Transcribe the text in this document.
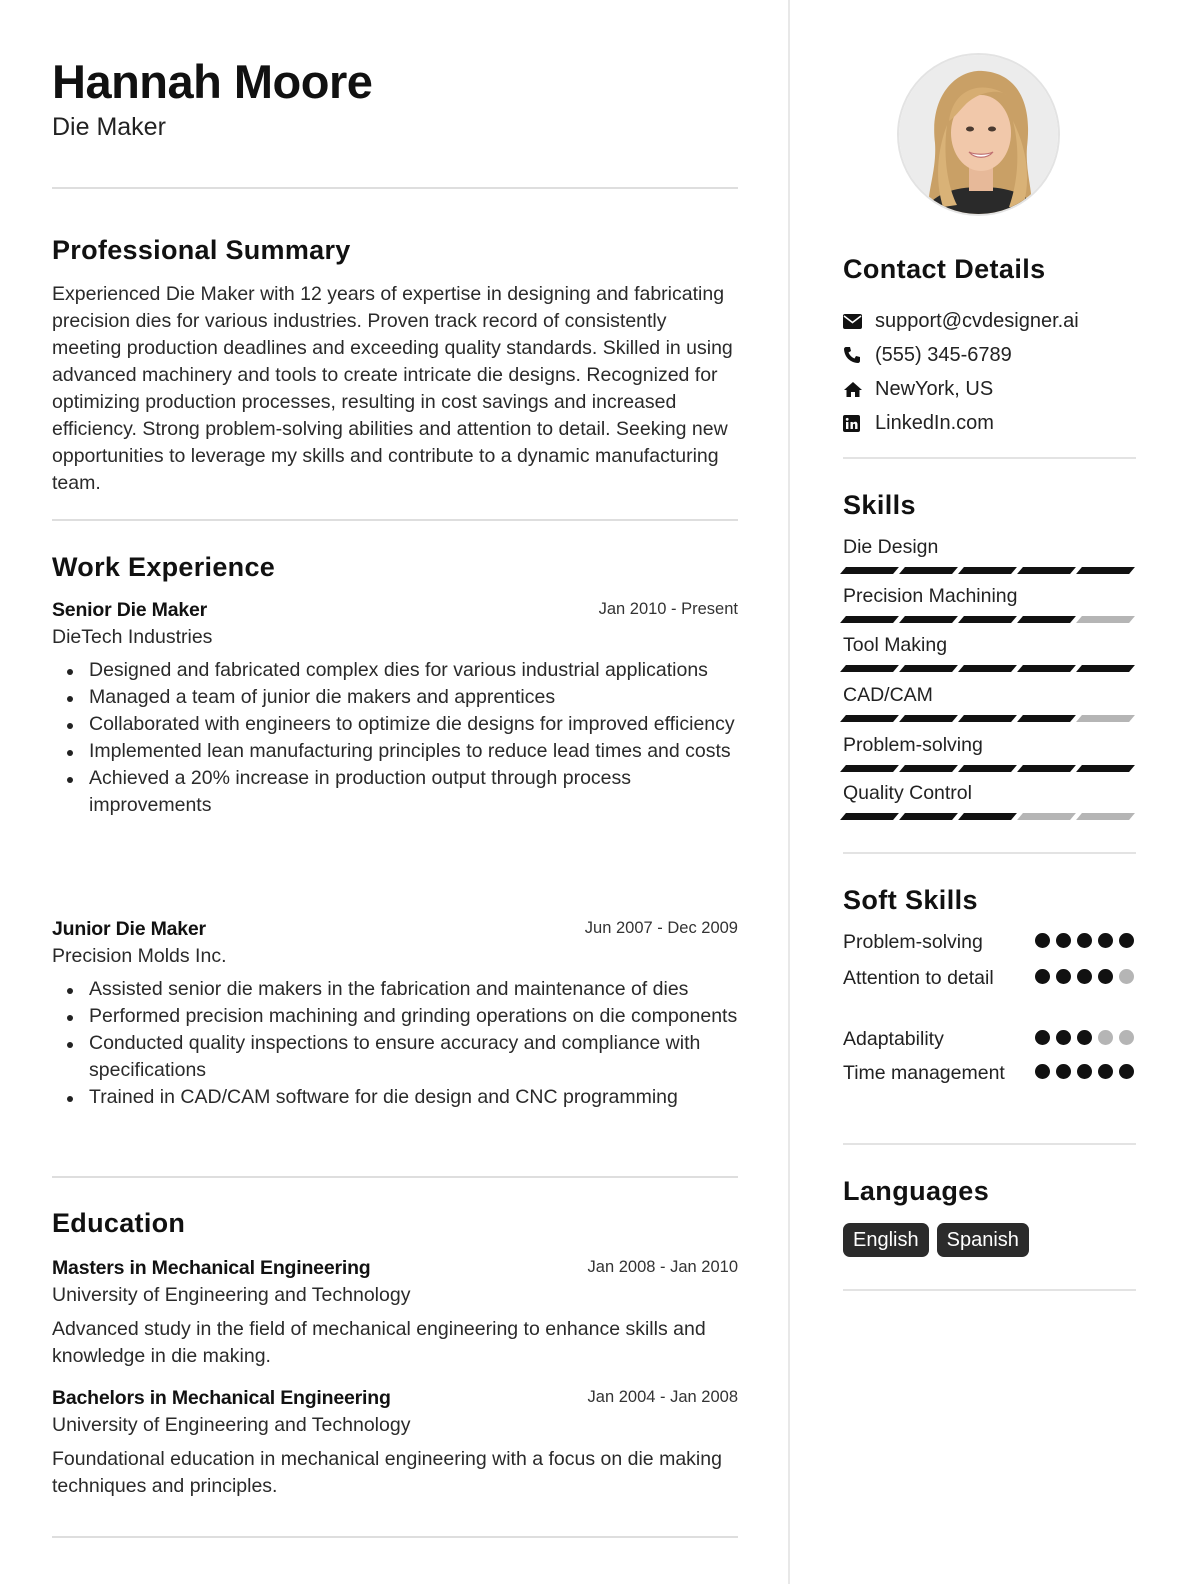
Hannah Moore
Die Maker
Professional Summary
Experienced Die Maker with 12 years of expertise in designing and fabricating precision dies for various industries. Proven track record of consistently meeting production deadlines and exceeding quality standards. Skilled in using advanced machinery and tools to create intricate die designs. Recognized for optimizing production processes, resulting in cost savings and increased efficiency. Strong problem-solving abilities and attention to detail. Seeking new opportunities to leverage my skills and contribute to a dynamic manufacturing team.
Work Experience
Senior Die Maker	Jan 2010 - Present
DieTech Industries
Designed and fabricated complex dies for various industrial applications
Managed a team of junior die makers and apprentices
Collaborated with engineers to optimize die designs for improved efficiency
Implemented lean manufacturing principles to reduce lead times and costs
Achieved a 20% increase in production output through process improvements
Junior Die Maker	Jun 2007 - Dec 2009
Precision Molds Inc.
Assisted senior die makers in the fabrication and maintenance of dies
Performed precision machining and grinding operations on die components
Conducted quality inspections to ensure accuracy and compliance with specifications
Trained in CAD/CAM software for die design and CNC programming
Education
Masters in Mechanical Engineering	Jan 2008 - Jan 2010
University of Engineering and Technology
Advanced study in the field of mechanical engineering to enhance skills and knowledge in die making.
Bachelors in Mechanical Engineering	Jan 2004 - Jan 2008
University of Engineering and Technology
Foundational education in mechanical engineering with a focus on die making techniques and principles.
Contact Details
support@cvdesigner.ai
(555) 345-6789
NewYork, US
LinkedIn.com
Skills
Die Design
Precision Machining
Tool Making
CAD/CAM
Problem-solving
Quality Control
Soft Skills
Problem-solving
Attention to detail
Adaptability
Time management
Languages
English	Spanish
